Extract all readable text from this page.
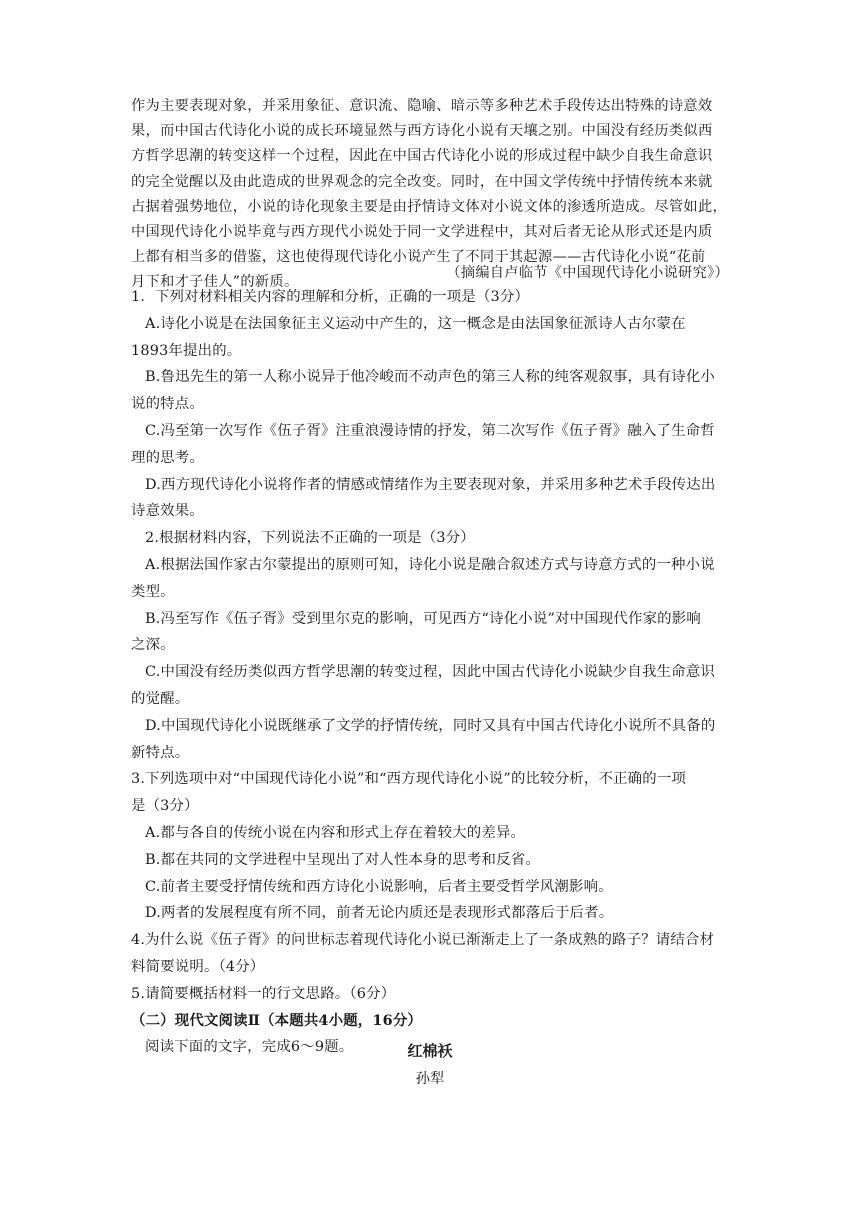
作为主要表现对象，并采用象征、意识流、隐喻、暗示等多种艺术手段传达出特殊的诗意效
果，而中国古代诗化小说的成长环境显然与西方诗化小说有天壤之别。中国没有经历类似西
方哲学思潮的转变这样一个过程，因此在中国古代诗化小说的形成过程中缺少自我生命意识
的完全觉醒以及由此造成的世界观念的完全改变。同时，在中国文学传统中抒情传统本来就
占据着强势地位，小说的诗化现象主要是由抒情诗文体对小说文体的渗透所造成。尽管如此，
中国现代诗化小说毕竟与西方现代小说处于同一文学进程中，其对后者无论从形式还是内质
上都有相当多的借鉴，这也使得现代诗化小说产生了不同于其起源——古代诗化小说“花前
月下和才子佳人”的新质。
（摘编自卢临节《中国现代诗化小说研究》）
1．下列对材料相关内容的理解和分析，正确的一项是（3分）
A.诗化小说是在法国象征主义运动中产生的，这一概念是由法国象征派诗人古尔蒙在
1893年提出的。
B.鲁迅先生的第一人称小说异于他冷峻而不动声色的第三人称的纯客观叙事，具有诗化小
说的特点。
C.冯至第一次写作《伍子胥》注重浪漫诗情的抒发，第二次写作《伍子胥》融入了生命哲
理的思考。
D.西方现代诗化小说将作者的情感或情绪作为主要表现对象，并采用多种艺术手段传达出
诗意效果。
2.根据材料内容，下列说法不正确的一项是（3分）
A.根据法国作家古尔蒙提出的原则可知，诗化小说是融合叙述方式与诗意方式的一种小说
类型。
B.冯至写作《伍子胥》受到里尔克的影响，可见西方“诗化小说”对中国现代作家的影响
之深。
C.中国没有经历类似西方哲学思潮的转变过程，因此中国古代诗化小说缺少自我生命意识
的觉醒。
D.中国现代诗化小说既继承了文学的抒情传统，同时又具有中国古代诗化小说所不具备的
新特点。
3.下列选项中对“中国现代诗化小说”和“西方现代诗化小说”的比较分析，不正确的一项
是（3分）
A.都与各自的传统小说在内容和形式上存在着较大的差异。
B.都在共同的文学进程中呈现出了对人性本身的思考和反省。
C.前者主要受抒情传统和西方诗化小说影响，后者主要受哲学风潮影响。
D.两者的发展程度有所不同，前者无论内质还是表现形式都落后于后者。
4.为什么说《伍子胥》的问世标志着现代诗化小说已渐渐走上了一条成熟的路子？请结合材
料简要说明。（4分）
5.请简要概括材料一的行文思路。（6分）
（二）现代文阅读Ⅱ（本题共4小题，16分）
阅读下面的文字，完成6～9题。	红棉袄
孙犁
